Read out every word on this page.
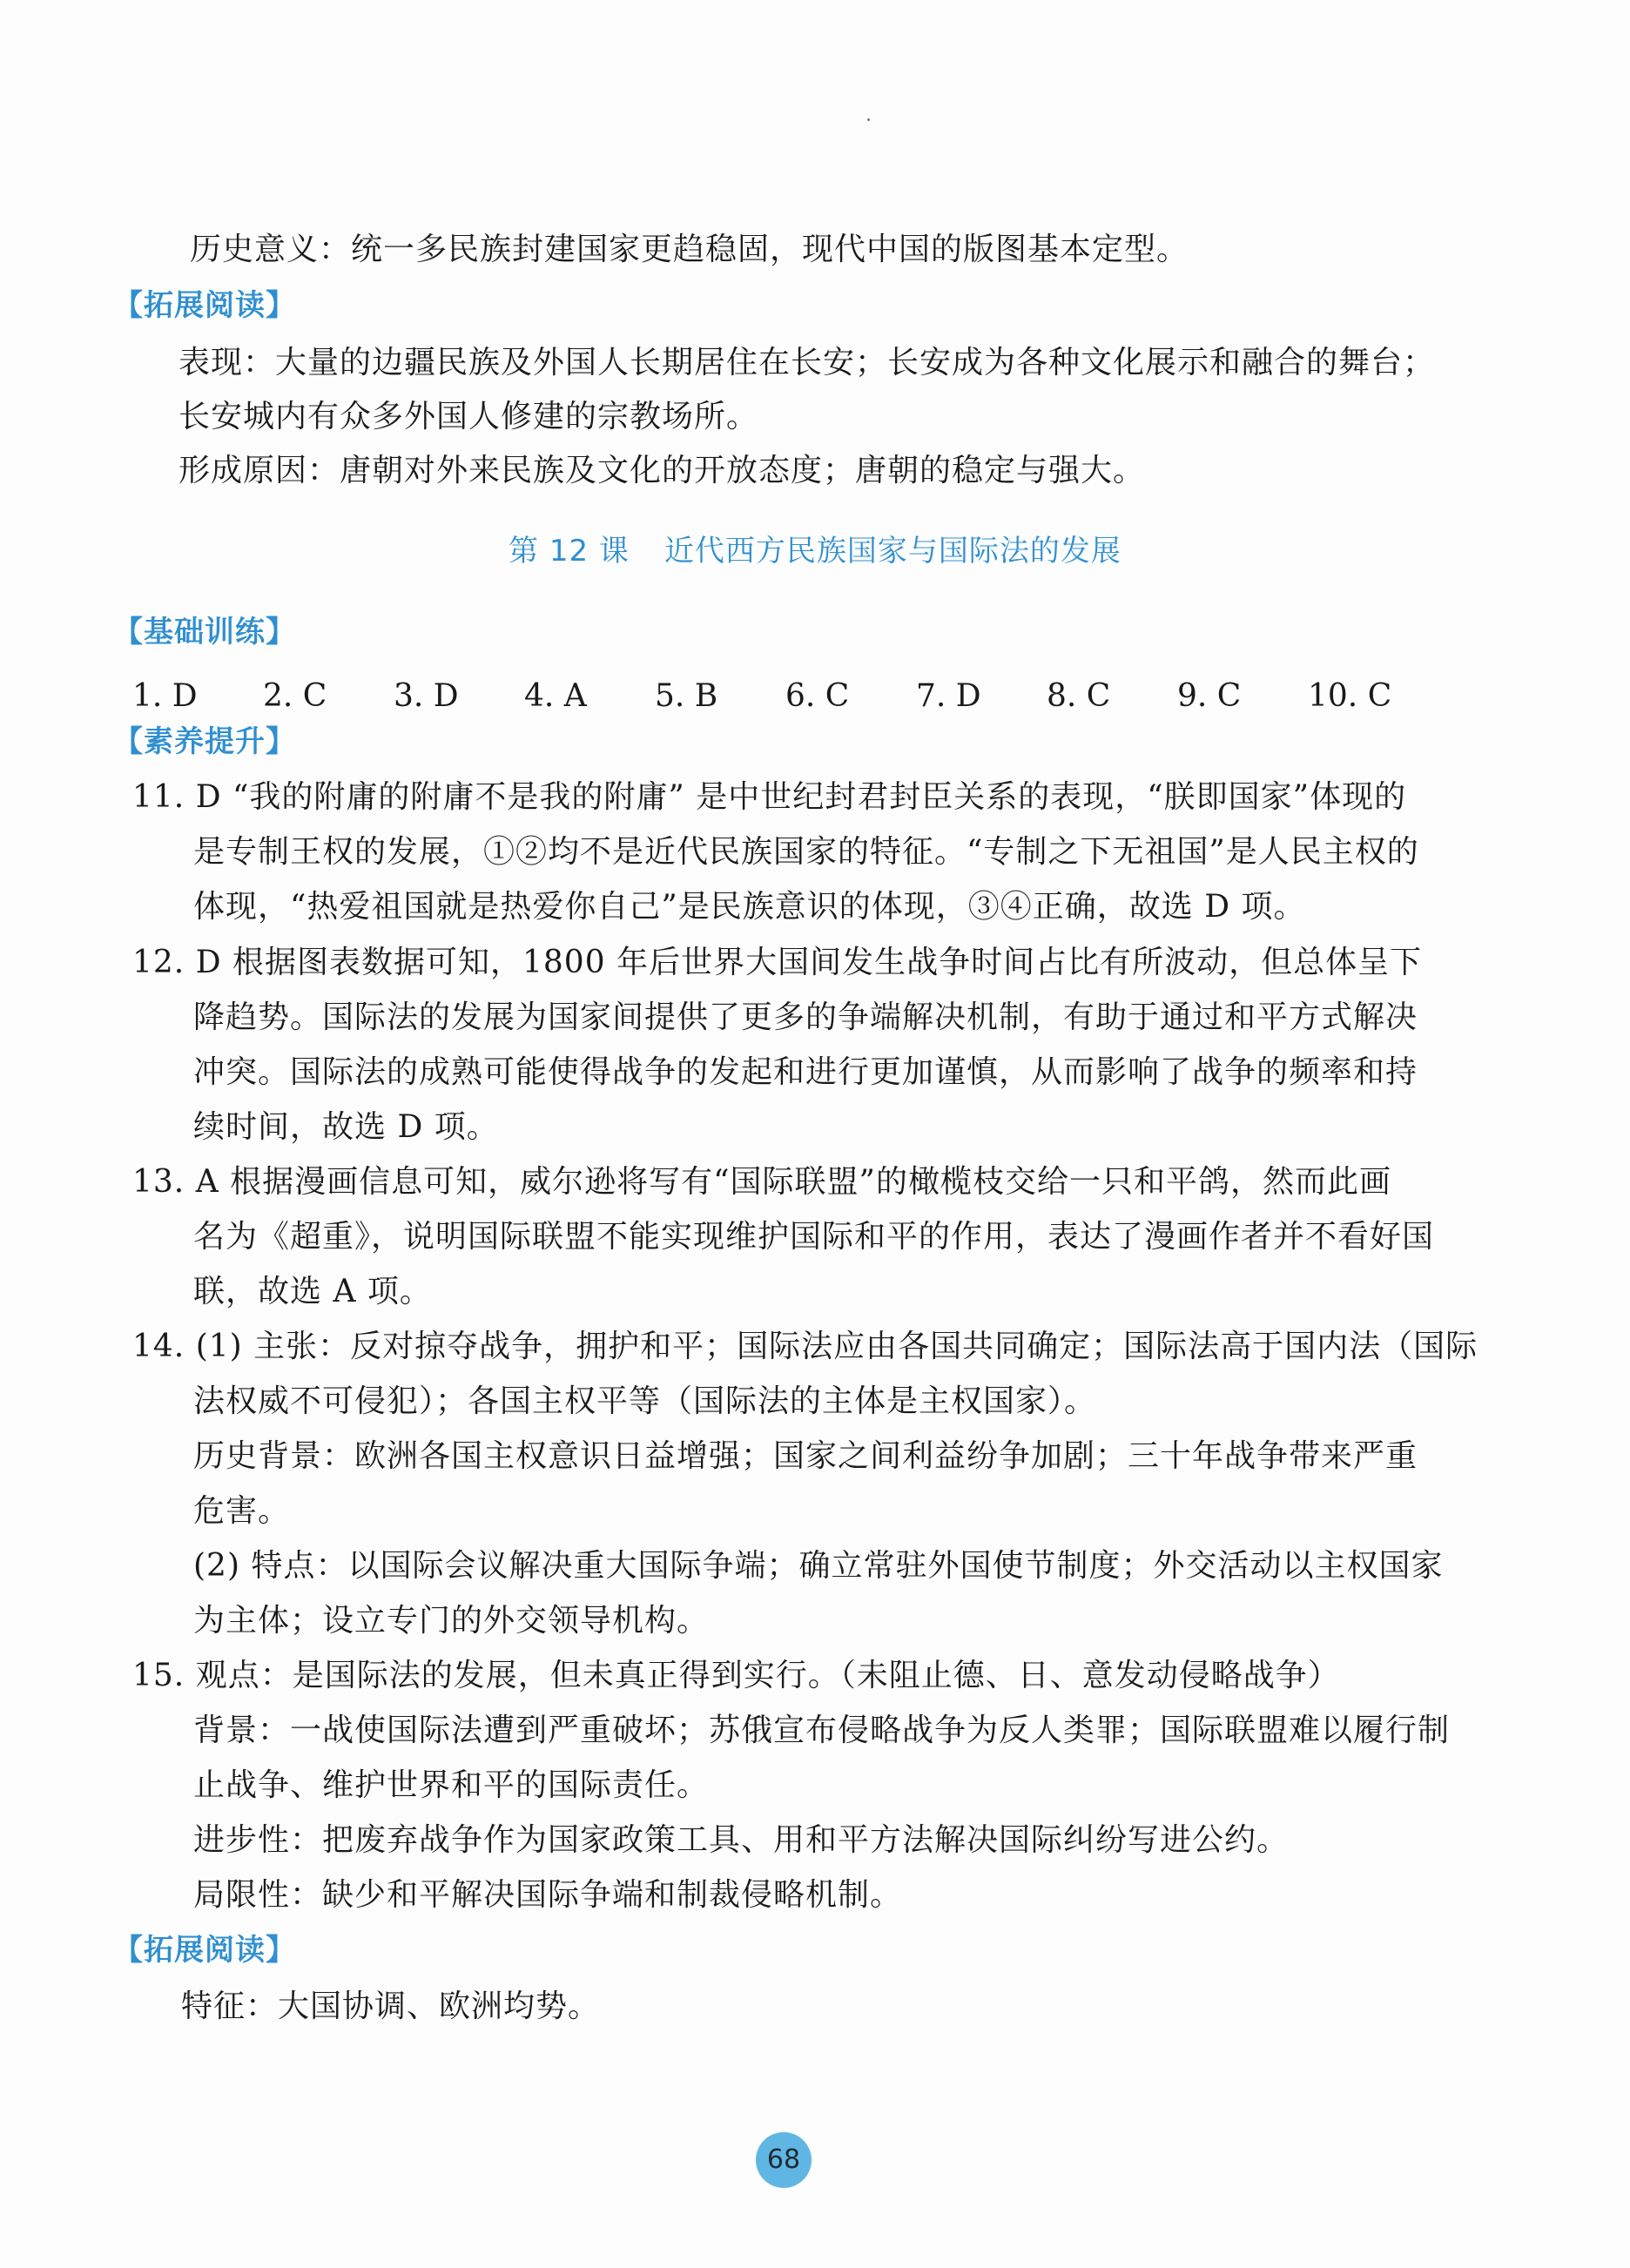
历史意义：统一多民族封建国家更趋稳固，现代中国的版图基本定型。
【拓展阅读】
表现：大量的边疆民族及外国人长期居住在长安；长安成为各种文化展示和融合的舞台；
长安城内有众多外国人修建的宗教场所。
形成原因：唐朝对外来民族及文化的开放态度；唐朝的稳定与强大。
第 12 课 近代西方民族国家与国际法的发展
【基础训练】
1. D 2. C 3. D 4. A 5. B 6. C 7. D 8. C 9. C 10. C
【素养提升】
11. D “我的附庸的附庸不是我的附庸” 是中世纪封君封臣关系的表现，“朕即国家”体现的
是专制王权的发展，①②均不是近代民族国家的特征。“专制之下无祖国”是人民主权的
体现，“热爱祖国就是热爱你自己”是民族意识的体现，③④正确，故选 D 项。
12. D 根据图表数据可知，1800 年后世界大国间发生战争时间占比有所波动，但总体呈下
降趋势。国际法的发展为国家间提供了更多的争端解决机制，有助于通过和平方式解决
冲突。国际法的成熟可能使得战争的发起和进行更加谨慎，从而影响了战争的频率和持
续时间，故选 D 项。
13. A 根据漫画信息可知，威尔逊将写有“国际联盟”的橄榄枝交给一只和平鸽，然而此画
名为《超重》，说明国际联盟不能实现维护国际和平的作用，表达了漫画作者并不看好国
联，故选 A 项。
14. (1) 主张：反对掠夺战争，拥护和平；国际法应由各国共同确定；国际法高于国内法（国际
法权威不可侵犯）；各国主权平等（国际法的主体是主权国家）。
历史背景：欧洲各国主权意识日益增强；国家之间利益纷争加剧；三十年战争带来严重
危害。
(2) 特点：以国际会议解决重大国际争端；确立常驻外国使节制度；外交活动以主权国家
为主体；设立专门的外交领导机构。
15. 观点：是国际法的发展，但未真正得到实行。（未阻止德、日、意发动侵略战争）
背景：一战使国际法遭到严重破坏；苏俄宣布侵略战争为反人类罪；国际联盟难以履行制
止战争、维护世界和平的国际责任。
进步性：把废弃战争作为国家政策工具、用和平方法解决国际纠纷写进公约。
局限性：缺少和平解决国际争端和制裁侵略机制。
【拓展阅读】
特征：大国协调、欧洲均势。
68
